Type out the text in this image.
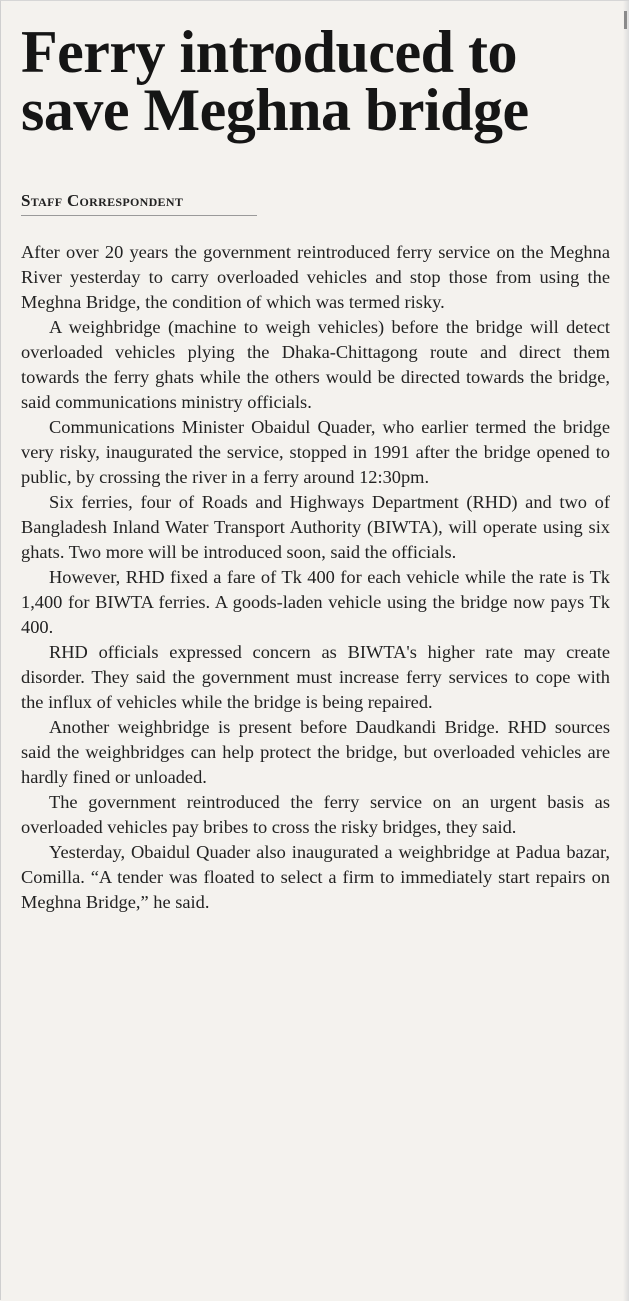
Ferry introduced to
save Meghna bridge
Staff Correspondent

After over 20 years the government reintroduced ferry service on the Meghna River yesterday to carry overloaded vehicles and stop those from using the Meghna Bridge, the condition of which was termed risky.

A weighbridge (machine to weigh vehicles) before the bridge will detect overloaded vehicles plying the Dhaka-Chittagong route and direct them towards the ferry ghats while the others would be directed towards the bridge, said communications ministry officials.

Communications Minister Obaidul Quader, who earlier termed the bridge very risky, inaugurated the service, stopped in 1991 after the bridge opened to public, by crossing the river in a ferry around 12:30pm.

Six ferries, four of Roads and Highways Department (RHD) and two of Bangladesh Inland Water Transport Authority (BIWTA), will operate using six ghats. Two more will be introduced soon, said the officials.

However, RHD fixed a fare of Tk 400 for each vehicle while the rate is Tk 1,400 for BIWTA ferries. A goods-laden vehicle using the bridge now pays Tk 400.

RHD officials expressed concern as BIWTA's higher rate may create disorder. They said the government must increase ferry services to cope with the influx of vehicles while the bridge is being repaired.

Another weighbridge is present before Daudkandi Bridge. RHD sources said the weighbridges can help protect the bridge, but overloaded vehicles are hardly fined or unloaded.

The government reintroduced the ferry service on an urgent basis as overloaded vehicles pay bribes to cross the risky bridges, they said.

Yesterday, Obaidul Quader also inaugurated a weighbridge at Padua bazar, Comilla. “A tender was floated to select a firm to immediately start repairs on Meghna Bridge,” he said.
